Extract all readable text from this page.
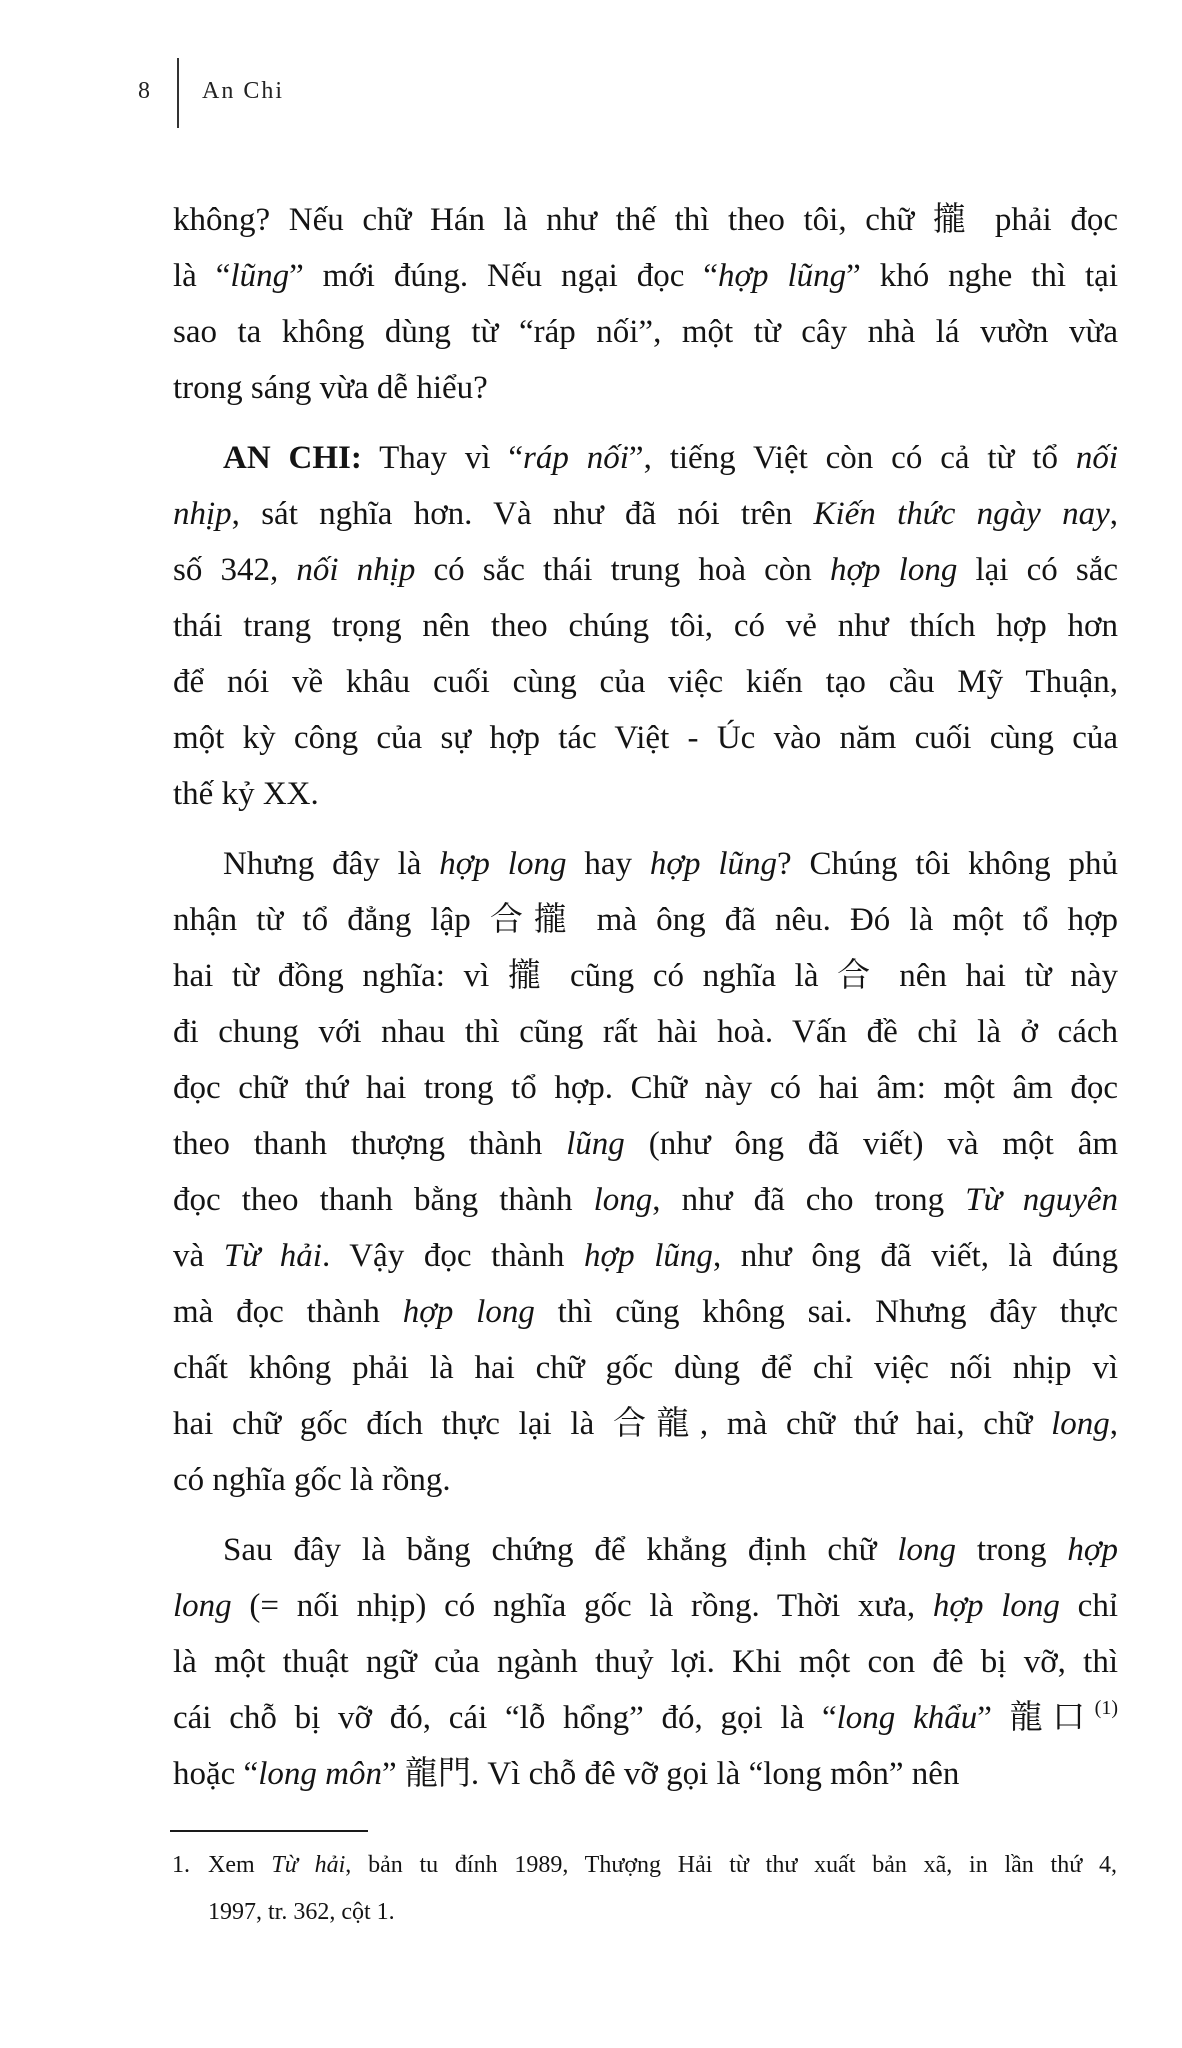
8 An Chi

không? Nếu chữ Hán là như thế thì theo tôi, chữ 攏 phải đọc
là “lũng” mới đúng. Nếu ngại đọc “hợp lũng” khó nghe thì tại
sao ta không dùng từ “ráp nối”, một từ cây nhà lá vườn vừa
trong sáng vừa dễ hiểu?

AN CHI: Thay vì “ráp nối”, tiếng Việt còn có cả từ tổ nối
nhịp, sát nghĩa hơn. Và như đã nói trên Kiến thức ngày nay,
số 342, nối nhịp có sắc thái trung hoà còn hợp long lại có sắc
thái trang trọng nên theo chúng tôi, có vẻ như thích hợp hơn
để nói về khâu cuối cùng của việc kiến tạo cầu Mỹ Thuận,
một kỳ công của sự hợp tác Việt - Úc vào năm cuối cùng của
thế kỷ XX.

Nhưng đây là hợp long hay hợp lũng? Chúng tôi không phủ
nhận từ tổ đẳng lập 合攏 mà ông đã nêu. Đó là một tổ hợp
hai từ đồng nghĩa: vì 攏 cũng có nghĩa là 合 nên hai từ này
đi chung với nhau thì cũng rất hài hoà. Vấn đề chỉ là ở cách
đọc chữ thứ hai trong tổ hợp. Chữ này có hai âm: một âm đọc
theo thanh thượng thành lũng (như ông đã viết) và một âm
đọc theo thanh bằng thành long, như đã cho trong Từ nguyên
và Từ hải. Vậy đọc thành hợp lũng, như ông đã viết, là đúng
mà đọc thành hợp long thì cũng không sai. Nhưng đây thực
chất không phải là hai chữ gốc dùng để chỉ việc nối nhịp vì
hai chữ gốc đích thực lại là 合龍, mà chữ thứ hai, chữ long,
có nghĩa gốc là rồng.

Sau đây là bằng chứng để khẳng định chữ long trong hợp
long (= nối nhịp) có nghĩa gốc là rồng. Thời xưa, hợp long chỉ
là một thuật ngữ của ngành thuỷ lợi. Khi một con đê bị vỡ, thì
cái chỗ bị vỡ đó, cái “lỗ hổng” đó, gọi là “long khẩu” 龍口$^{(1)}$
hoặc “long môn” 龍門. Vì chỗ đê vỡ gọi là “long môn” nên

1. Xem Từ hải, bản tu đính 1989, Thượng Hải từ thư xuất bản xã, in lần thứ 4,
1997, tr. 362, cột 1.
